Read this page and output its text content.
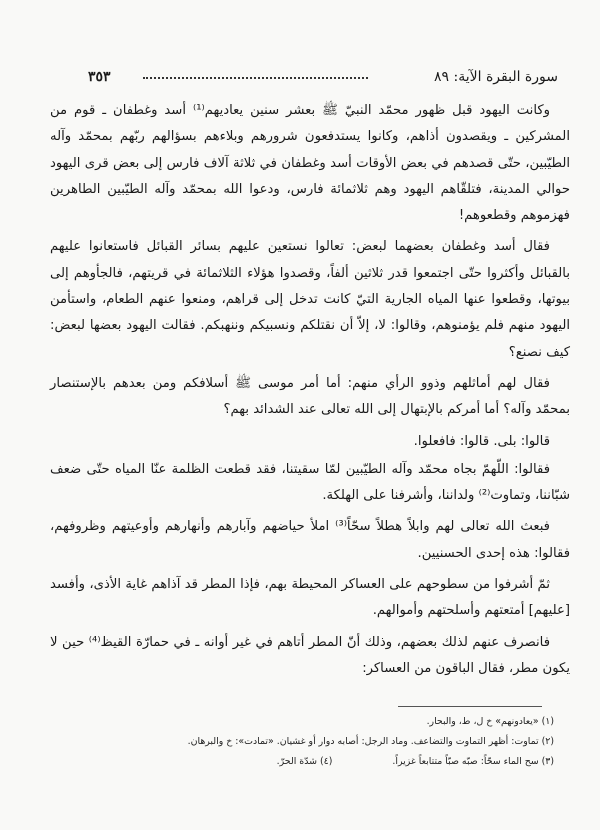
سورة البقرة الآية: ٨٩
٣٥٣

وكانت اليهود قبل ظهور محمّد النبيّ ﷺ بعشر سنين يعاديهم⁽¹⁾ أسد وغطفان ـ قوم من المشركين ـ ويقصدون أذاهم، وكانوا يستدفعون شرورهم وبلاءهم بسؤالهم ربّهم بمحمّد وآله الطيّبين، حتّى قصدهم في بعض الأوقات أسد وغطفان في ثلاثة آلاف فارس إلى بعض قرى اليهود حوالي المدينة، فتلقّاهم اليهود وهم ثلاثمائة فارس، ودعوا الله بمحمّد وآله الطيّبين الطاهرين فهزموهم وقطعوهم!

فقال أسد وغطفان بعضهما لبعض: تعالوا نستعين عليهم بسائر القبائل فاستعانوا عليهم بالقبائل وأكثروا حتّى اجتمعوا قدر ثلاثين ألفاً، وقصدوا هؤلاء الثلاثمائة في قريتهم، فالجأوهم إلى بيوتها، وقطعوا عنها المياه الجارية التيّ كانت تدخل إلى قراهم، ومنعوا عنهم الطعام، واستأمن اليهود منهم فلم يؤمنوهم، وقالوا: لا، إلاّ أن نقتلكم ونسبيكم وننهبكم. فقالت اليهود بعضها لبعض: كيف نصنع؟

فقال لهم أماثلهم وذوو الرأي منهم: أما أمر موسى ﷺ أسلافكم ومن بعدهم بالإستنصار بمحمّد وآله؟ أما أمركم بالإبتهال إلى الله تعالى عند الشدائد بهم؟

قالوا: بلى. قالوا: فافعلوا.

فقالوا: اللّهمّ بجاه محمّد وآله الطيّبين لمّا سقيتنا، فقد قطعت الظلمة عنّا المياه حتّى ضعف شبّاننا، وتماوت⁽²⁾ ولداننا، وأشرفنا على الهلكة.

فبعث الله تعالى لهم وابلاً هطلاً سحّاً⁽³⁾ املأ حياضهم وآبارهم وأنهارهم وأوعيتهم وظروفهم، فقالوا: هذه إحدى الحسنيين.

ثمّ أشرفوا من سطوحهم على العساكر المحيطة بهم، فإذا المطر قد آذاهم غاية الأذى، وأفسد [عليهم] أمتعتهم وأسلحتهم وأموالهم.

فانصرف عنهم لذلك بعضهم، وذلك أنّ المطر أتاهم في غير أوانه ـ في حمارّة القيظ⁽⁴⁾ حين لا يكون مطر، فقال الباقون من العساكر:

(١) «يعادونهم» خ ل، ط، والبحار.
(٢) تماوت: أظهر التماوت والتضاعف. وماد الرجل: أصابه دوار أو غشيان. «تمادت»: خ والبرهان.
(٣) سح الماء سحّاً: صبّه صبّاً متتابعاً غزيراً.
(٤) شدّة الحرّ.
